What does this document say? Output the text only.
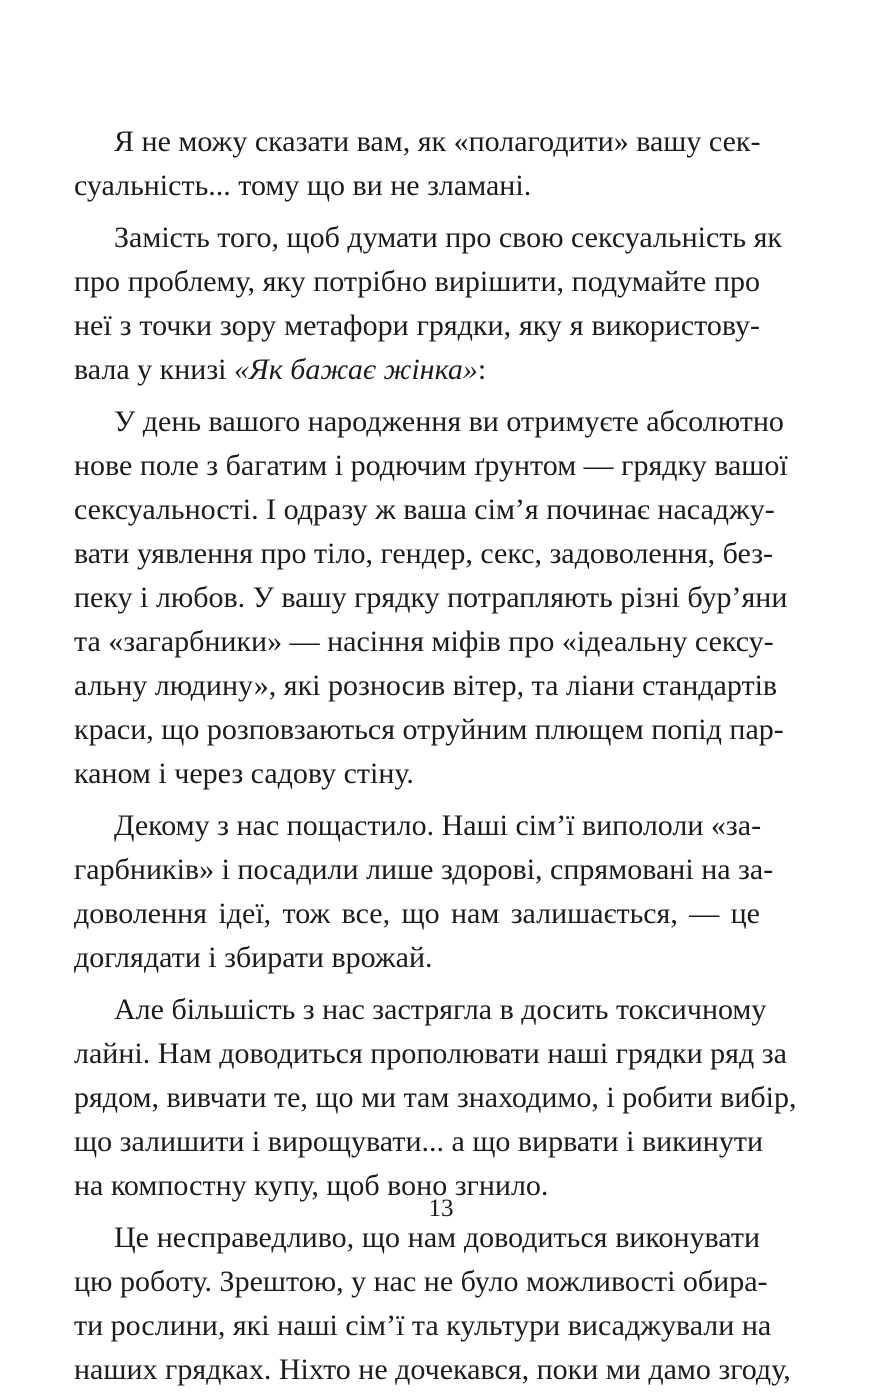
Я не можу сказати вам, як «полагодити» вашу сек-
суальність... тому що ви не зламані.
Замість того, щоб думати про свою сексуальність як
про проблему, яку потрібно вирішити, подумайте про
неї з точки зору метафори грядки, яку я використову-
вала у книзі «Як бажає жінка»:
У день вашого народження ви отримуєте абсолютно
нове поле з багатим і родючим ґрунтом — грядку вашої
сексуальності. І одразу ж ваша сім’я починає насаджу-
вати уявлення про тіло, гендер, секс, задоволення, без-
пеку і любов. У вашу грядку потрапляють різні бур’яни
та «загарбники» — насіння міфів про «ідеальну сексу-
альну людину», які розносив вітер, та ліани стандартів
краси, що розповзаються отруйним плющем попід пар-
каном і через садову стіну.
Декому з нас пощастило. Наші сім’ї випололи «за-
гарбників» і посадили лише здорові, спрямовані на за-
доволення ідеї, тож все, що нам залишається, — це
доглядати і збирати врожай.
Але більшість з нас застрягла в досить токсичному
лайні. Нам доводиться прополювати наші грядки ряд за
рядом, вивчати те, що ми там знаходимо, і робити вибір,
що залишити і вирощувати... а що вирвати і викинути
на компостну купу, щоб воно згнило.
Це несправедливо, що нам доводиться виконувати
цю роботу. Зрештою, у нас не було можливості обира-
ти рослини, які наші сім’ї та культури висаджували на
наших грядках. Ніхто не дочекався, поки ми дамо згоду,
13
